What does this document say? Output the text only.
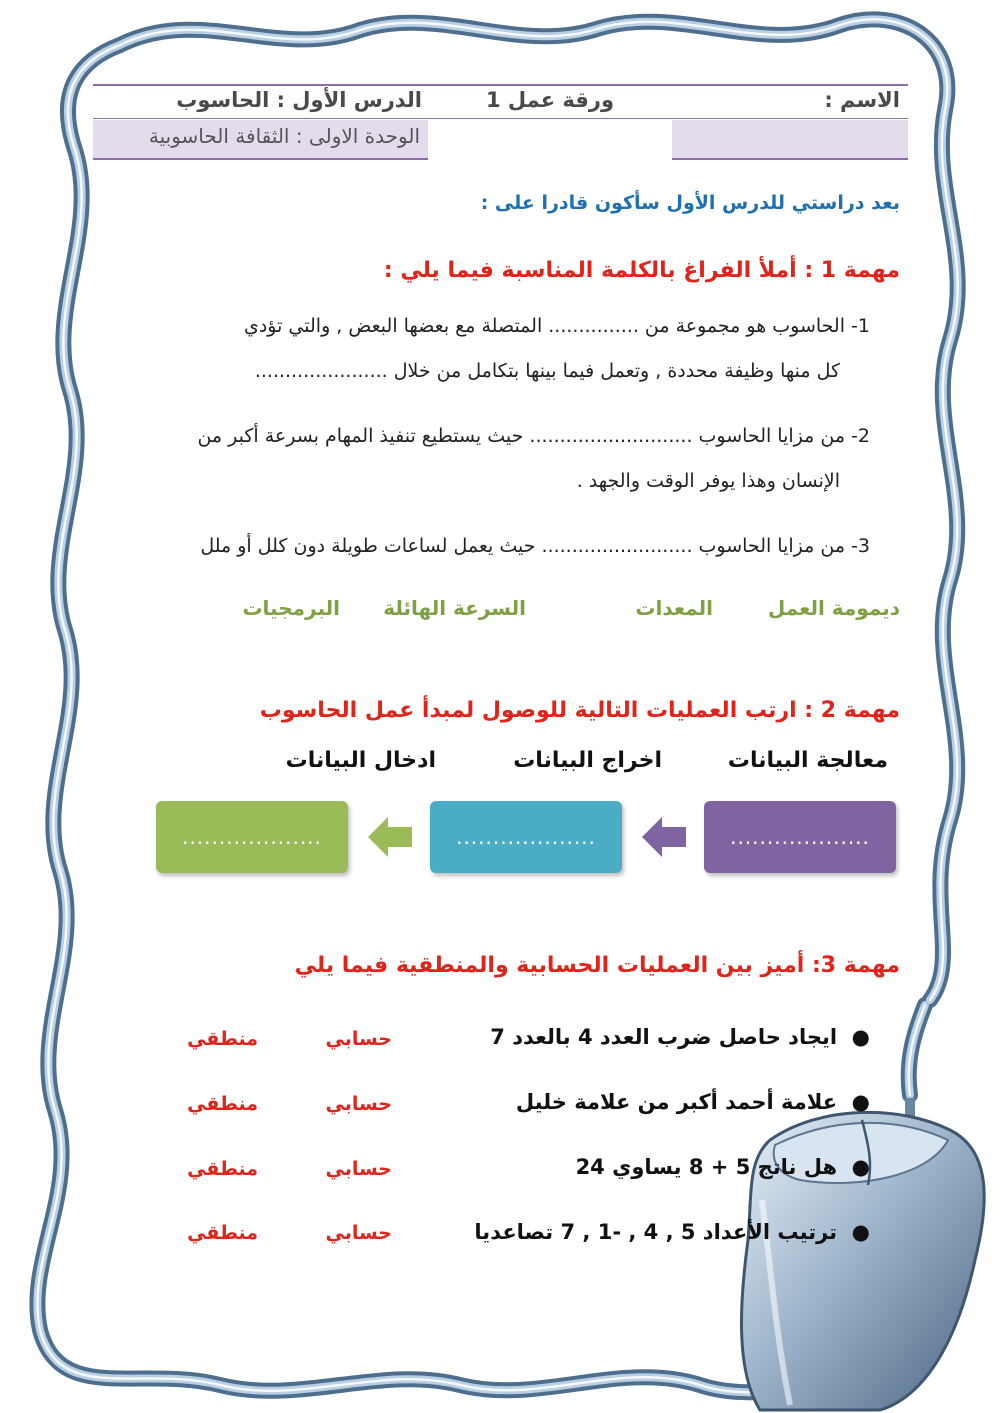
الاسم :
ورقة عمل 1
الدرس الأول : الحاسوب
الوحدة الاولى : الثقافة الحاسوبية
بعد دراستي للدرس الأول سأكون قادرا على :
مهمة 1 : أملأ الفراغ بالكلمة المناسبة فيما يلي :
1- الحاسوب هو مجموعة من ............... المتصلة مع بعضها البعض , والتي تؤدي
كل منها وظيفة محددة , وتعمل فيما بينها بتكامل من خلال ......................
2- من مزايا الحاسوب ........................... حيث يستطيع تنفيذ المهام بسرعة أكبر من
الإنسان وهذا يوفر الوقت والجهد .
3- من مزايا الحاسوب ......................... حيث يعمل لساعات طويلة دون كلل أو ملل
ديمومة العمل
المعدات
السرعة الهائلة
البرمجيات
مهمة 2 : ارتب العمليات التالية للوصول لمبدأ عمل الحاسوب
معالجة البيانات
اخراج البيانات
ادخال البيانات
...................
...................
...................
مهمة 3: أميز بين العمليات الحسابية والمنطقية فيما يلي
●  ايجاد حاصل ضرب العدد 4 بالعدد 7
●  علامة أحمد أكبر من علامة خليل
●  هل ناتج 5 + 8 يساوي 24
●  ترتيب الأعداد 5 , 4 , -1 , 7 تصاعديا
حسابي
منطقي
حسابي
منطقي
حسابي
منطقي
حسابي
منطقي
